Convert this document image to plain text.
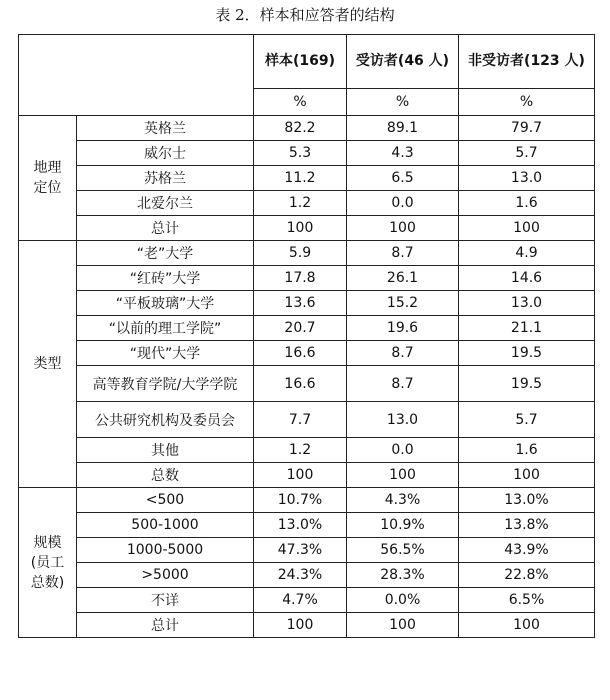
表 2．样本和应答者的结构
		样本(169)	受访者(46 人)	非受访者(123 人)
		%	%	%

地理
定位	英格兰	82.2	89.1	79.7
	威尔士	5.3	4.3	5.7
	苏格兰	11.2	6.5	13.0
	北爱尔兰	1.2	0.0	1.6
	总计	100	100	100

类型	“老”大学	5.9	8.7	4.9
	“红砖”大学	17.8	26.1	14.6
	“平板玻璃”大学	13.6	15.2	13.0
	“以前的理工学院”	20.7	19.6	21.1
	“现代”大学	16.6	8.7	19.5
	高等教育学院/大学学院	16.6	8.7	19.5
	公共研究机构及委员会	7.7	13.0	5.7
	其他	1.2	0.0	1.6
	总数	100	100	100

规模
(员工
总数)	<500	10.7%	4.3%	13.0%
	500-1000	13.0%	10.9%	13.8%
	1000-5000	47.3%	56.5%	43.9%
	>5000	24.3%	28.3%	22.8%
	不详	4.7%	0.0%	6.5%
	总计	100	100	100
